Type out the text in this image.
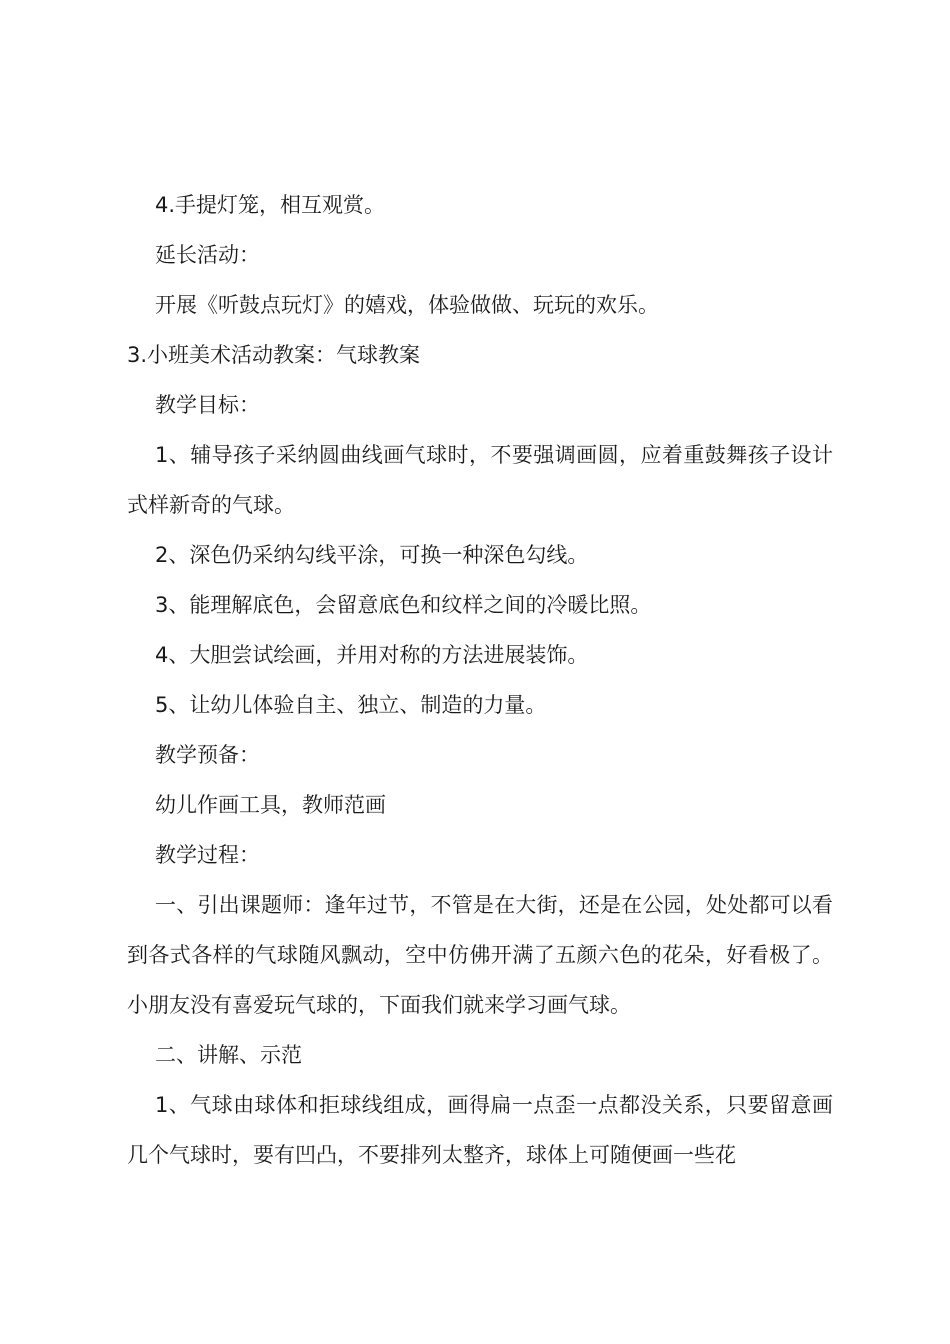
4.手提灯笼，相互观赏。

延长活动：

开展《听鼓点玩灯》的嬉戏，体验做做、玩玩的欢乐。

3.小班美术活动教案：气球教案

教学目标：

1、辅导孩子采纳圆曲线画气球时，不要强调画圆，应着重鼓舞孩子设计式样新奇的气球。

2、深色仍采纳勾线平涂，可换一种深色勾线。

3、能理解底色，会留意底色和纹样之间的冷暖比照。

4、大胆尝试绘画，并用对称的方法进展装饰。

5、让幼儿体验自主、独立、制造的力量。

教学预备：

幼儿作画工具，教师范画

教学过程：

一、引出课题师：逢年过节，不管是在大街，还是在公园，处处都可以看到各式各样的气球随风飘动，空中仿佛开满了五颜六色的花朵，好看极了。小朋友没有喜爱玩气球的，下面我们就来学习画气球。

二、讲解、示范

1、气球由球体和拒球线组成，画得扁一点歪一点都没关系，只要留意画几个气球时，要有凹凸，不要排列太整齐，球体上可随便画一些花
